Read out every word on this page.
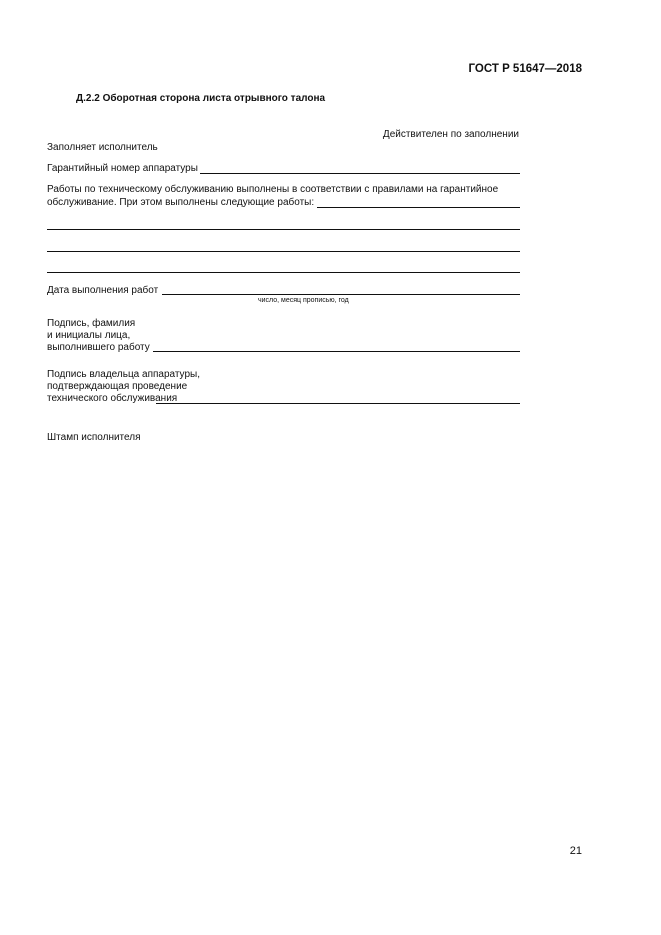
ГОСТ Р 51647—2018
Д.2.2 Оборотная сторона листа отрывного талона
Действителен по заполнении
Заполняет исполнитель
Гарантийный номер аппаратуры
Работы по техническому обслуживанию выполнены в соответствии с правилами на гарантийное
обслуживание. При этом выполнены следующие работы:
Дата выполнения работ
число, месяц прописью, год
Подпись, фамилия
и инициалы лица,
выполнившего работу
Подпись владельца аппаратуры,
подтверждающая проведение
технического обслуживания
Штамп исполнителя
21
